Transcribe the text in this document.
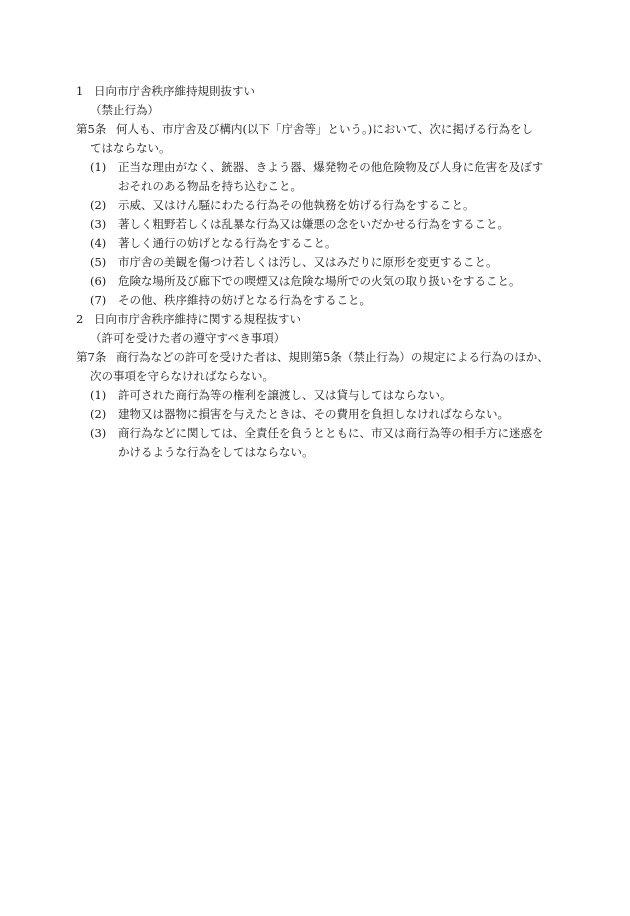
1 日向市庁舎秩序維持規則抜すい
（禁止行為）
第5条 何人も、市庁舎及び構内(以下「庁舎等」という。)において、次に掲げる行為をし
てはならない。
(1) 正当な理由がなく、銃器、きよう器、爆発物その他危険物及び人身に危害を及ぼす
おそれのある物品を持ち込むこと。
(2) 示威、又はけん騒にわたる行為その他執務を妨げる行為をすること。
(3) 著しく粗野若しくは乱暴な行為又は嫌悪の念をいだかせる行為をすること。
(4) 著しく通行の妨げとなる行為をすること。
(5) 市庁舎の美観を傷つけ若しくは汚し、又はみだりに原形を変更すること。
(6) 危険な場所及び廊下での喫煙又は危険な場所での火気の取り扱いをすること。
(7) その他、秩序維持の妨げとなる行為をすること。
2 日向市庁舎秩序維持に関する規程抜すい
（許可を受けた者の遵守すべき事項）
第7条 商行為などの許可を受けた者は、規則第5条（禁止行為）の規定による行為のほか、
次の事項を守らなければならない。
(1) 許可された商行為等の権利を譲渡し、又は貸与してはならない。
(2) 建物又は器物に損害を与えたときは、その費用を負担しなければならない。
(3) 商行為などに関しては、全責任を負うとともに、市又は商行為等の相手方に迷惑を
かけるような行為をしてはならない。
